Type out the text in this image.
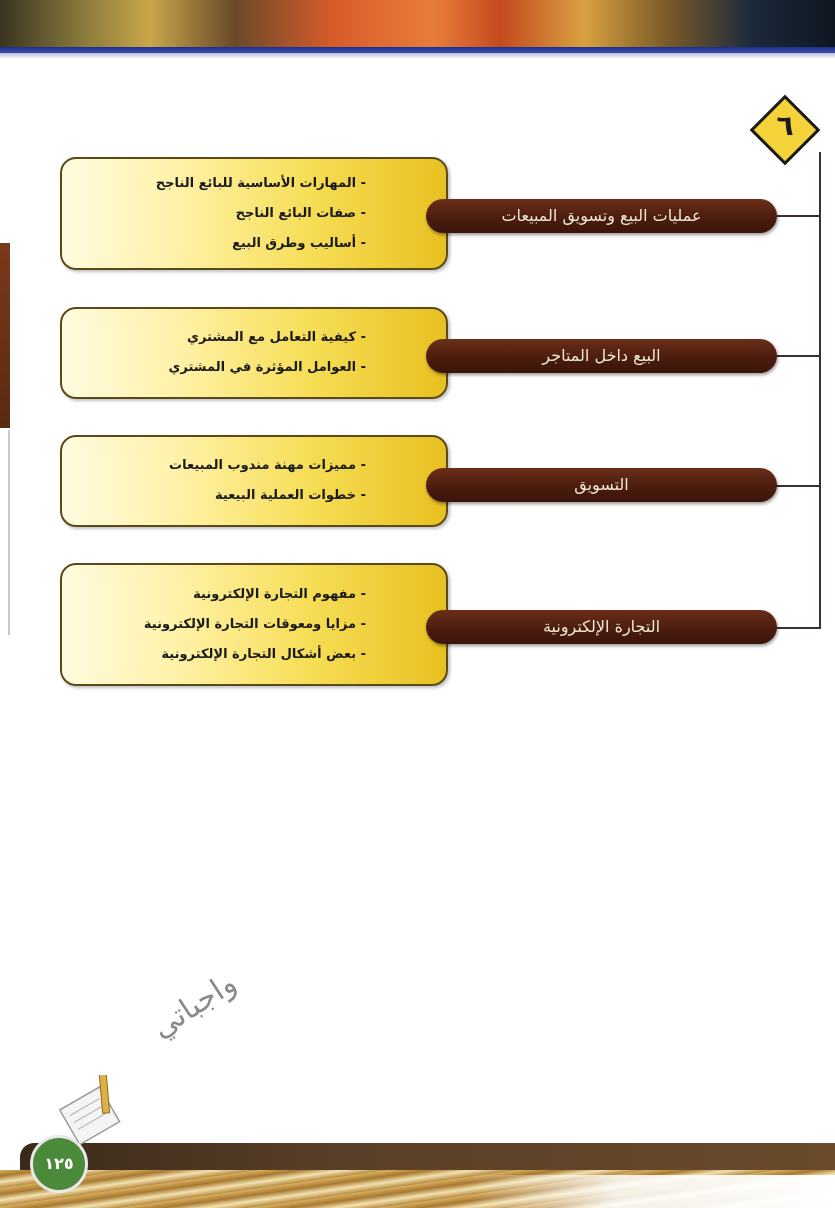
٦
- المهارات الأساسية للبائع الناجح
- صفات البائع الناجح
- أساليب وطرق البيع
عمليات البيع وتسويق المبيعات
- كيفية التعامل مع المشتري
- العوامل المؤثرة في المشتري
البيع داخل المتاجر
- مميزات مهنة مندوب المبيعات
- خطوات العملية البيعية
التسويق
- مفهوم التجارة الإلكترونية
- مزايا ومعوقات التجارة الإلكترونية
- بعض أشكال التجارة الإلكترونية
التجارة الإلكترونية
واجباتي
١٢٥
